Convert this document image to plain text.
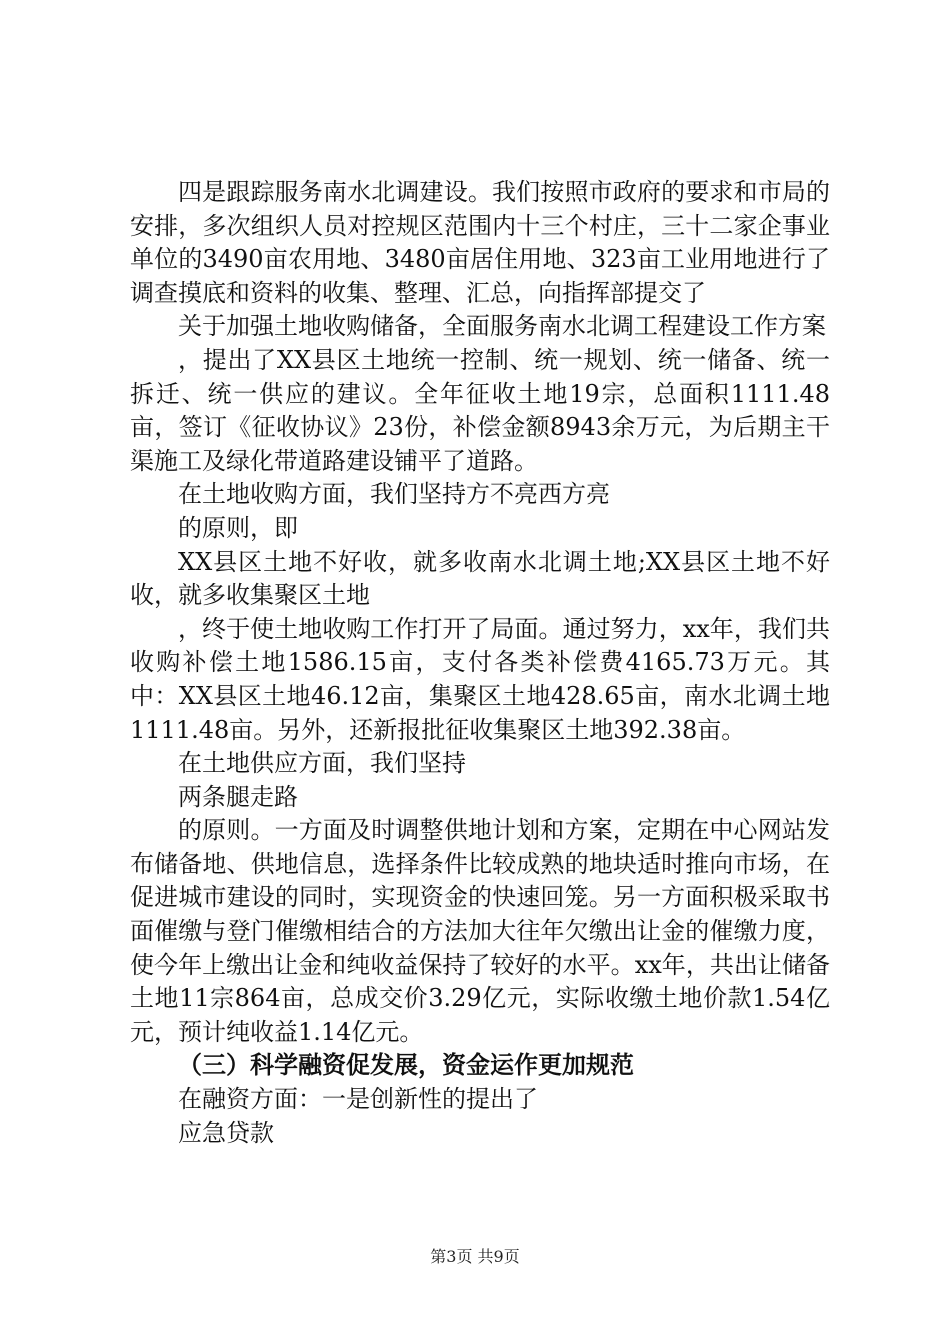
四是跟踪服务南水北调建设。我们按照市政府的要求和市局的安排，多次组织人员对控规区范围内十三个村庄，三十二家企事业单位的3490亩农用地、3480亩居住用地、323亩工业用地进行了调查摸底和资料的收集、整理、汇总，向指挥部提交了

关于加强土地收购储备，全面服务南水北调工程建设工作方案

，提出了XX县区土地统一控制、统一规划、统一储备、统一拆迁、统一供应的建议。全年征收土地19宗，总面积1111.48亩，签订《征收协议》23份，补偿金额8943余万元，为后期主干渠施工及绿化带道路建设铺平了道路。

在土地收购方面，我们坚持方不亮西方亮

的原则，即

XX县区土地不好收，就多收南水北调土地;XX县区土地不好收，就多收集聚区土地

，终于使土地收购工作打开了局面。通过努力，xx年，我们共收购补偿土地1586.15亩，支付各类补偿费4165.73万元。其中：XX县区土地46.12亩，集聚区土地428.65亩，南水北调土地1111.48亩。另外，还新报批征收集聚区土地392.38亩。

在土地供应方面，我们坚持

两条腿走路

的原则。一方面及时调整供地计划和方案，定期在中心网站发布储备地、供地信息，选择条件比较成熟的地块适时推向市场，在促进城市建设的同时，实现资金的快速回笼。另一方面积极采取书面催缴与登门催缴相结合的方法加大往年欠缴出让金的催缴力度，使今年上缴出让金和纯收益保持了较好的水平。xx年，共出让储备土地11宗864亩，总成交价3.29亿元，实际收缴土地价款1.54亿元，预计纯收益1.14亿元。

（三）科学融资促发展，资金运作更加规范

在融资方面：一是创新性的提出了

应急贷款

第3页 共9页
